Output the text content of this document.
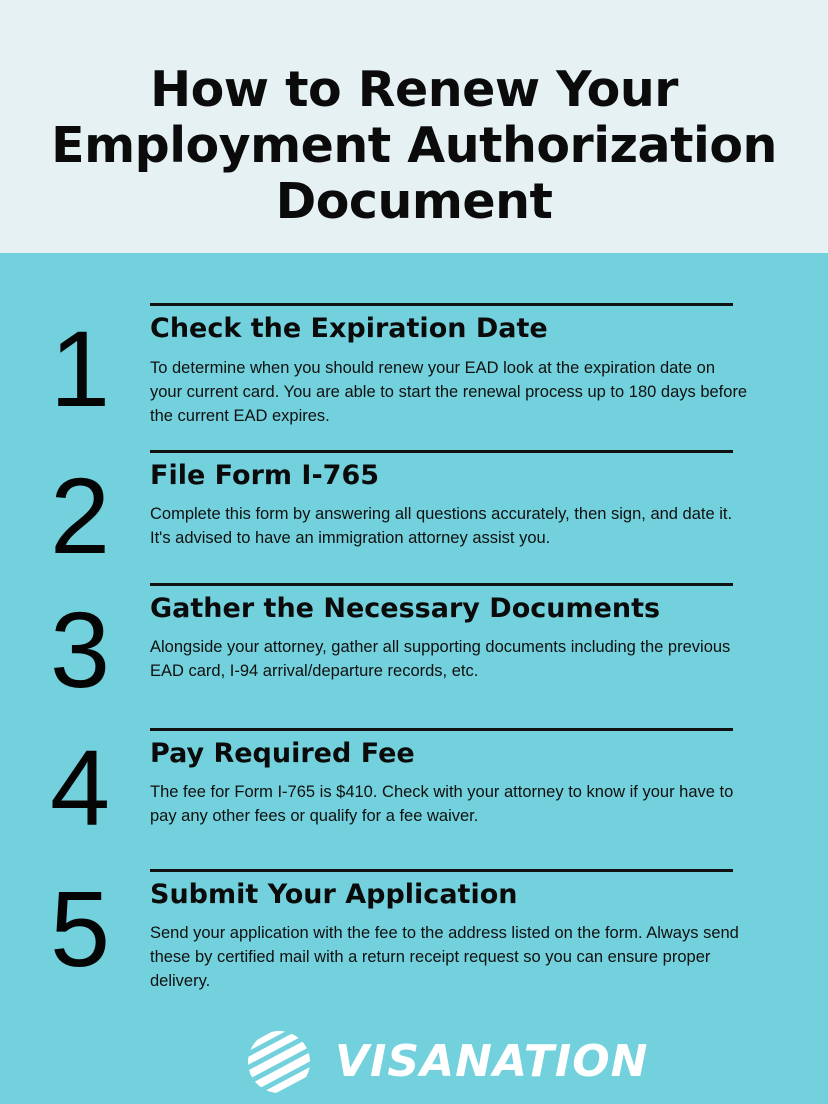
How to Renew Your
Employment Authorization
Document
1	Check the Expiration Date

To determine when you should renew your EAD look at the expiration date on your current card. You are able to start the renewal process up to 180 days before the current EAD expires.

2	File Form I-765

Complete this form by answering all questions accurately, then sign, and date it. It's advised to have an immigration attorney assist you.

3	Gather the Necessary Documents

Alongside your attorney, gather all supporting documents including the previous EAD card, I-94 arrival/departure records, etc.

4	Pay Required Fee

The fee for Form I-765 is $410. Check with your attorney to know if your have to pay any other fees or qualify for a fee waiver.

5	Submit Your Application

Send your application with the fee to the address listed on the form. Always send these by certified mail with a return receipt request so you can ensure proper delivery.

VISANATION
